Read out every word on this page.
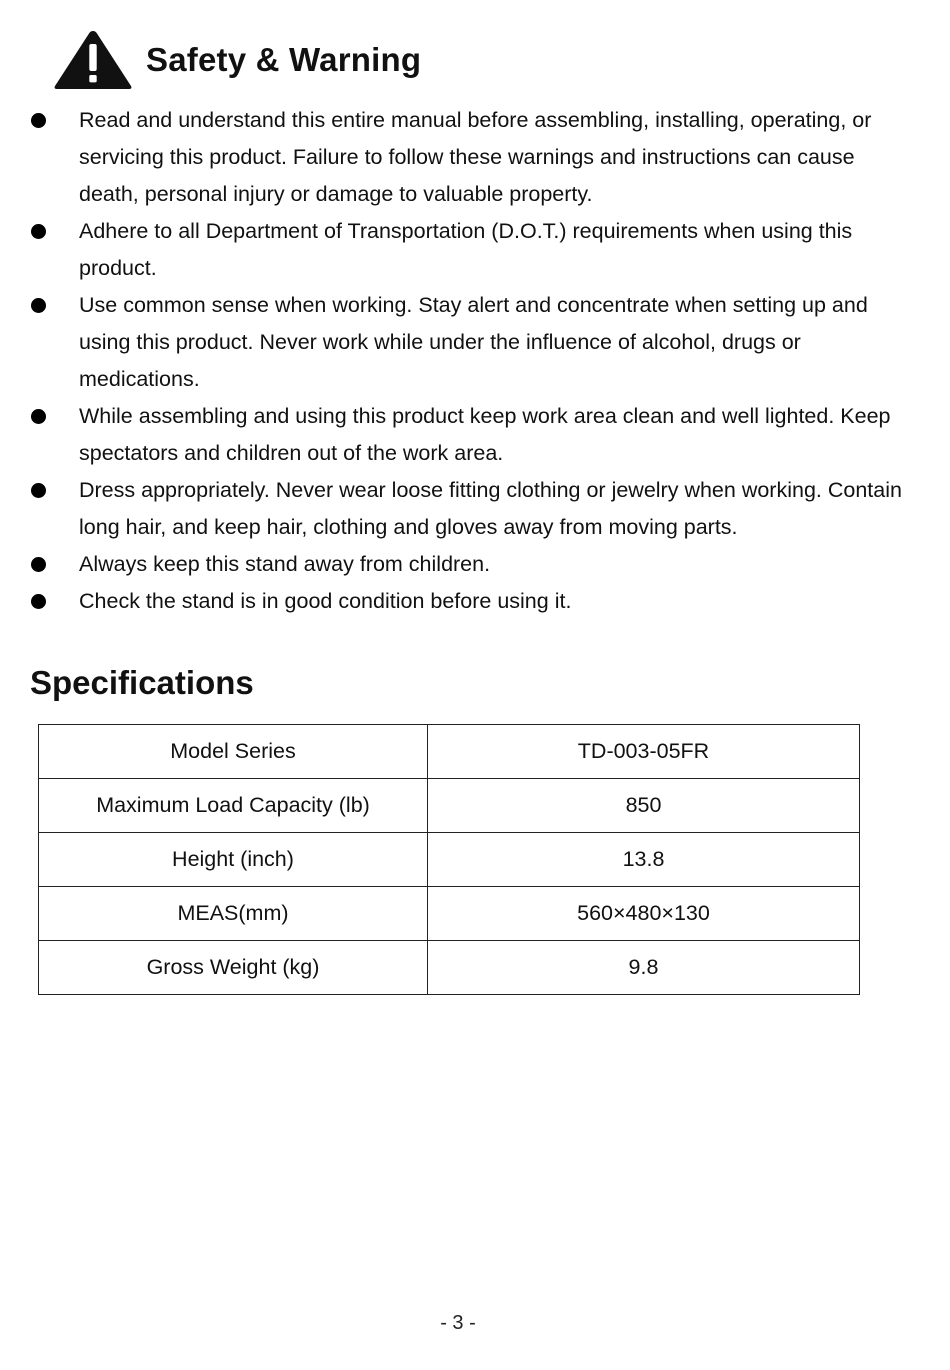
Safety & Warning
Read and understand this entire manual before assembling, installing, operating, or servicing this product. Failure to follow these warnings and instructions can cause death, personal injury or damage to valuable property.
Adhere to all Department of Transportation (D.O.T.) requirements when using this product.
Use common sense when working. Stay alert and concentrate when setting up and using this product. Never work while under the influence of alcohol, drugs or medications.
While assembling and using this product keep work area clean and well lighted. Keep spectators and children out of the work area.
Dress appropriately. Never wear loose fitting clothing or jewelry when working. Contain long hair, and keep hair, clothing and gloves away from moving parts.
Always keep this stand away from children.
Check the stand is in good condition before using it.
Specifications
Model Series	TD-003-05FR
Maximum Load Capacity (lb)	850
Height (inch)	13.8
MEAS(mm)	560×480×130
Gross Weight (kg)	9.8
- 3 -
